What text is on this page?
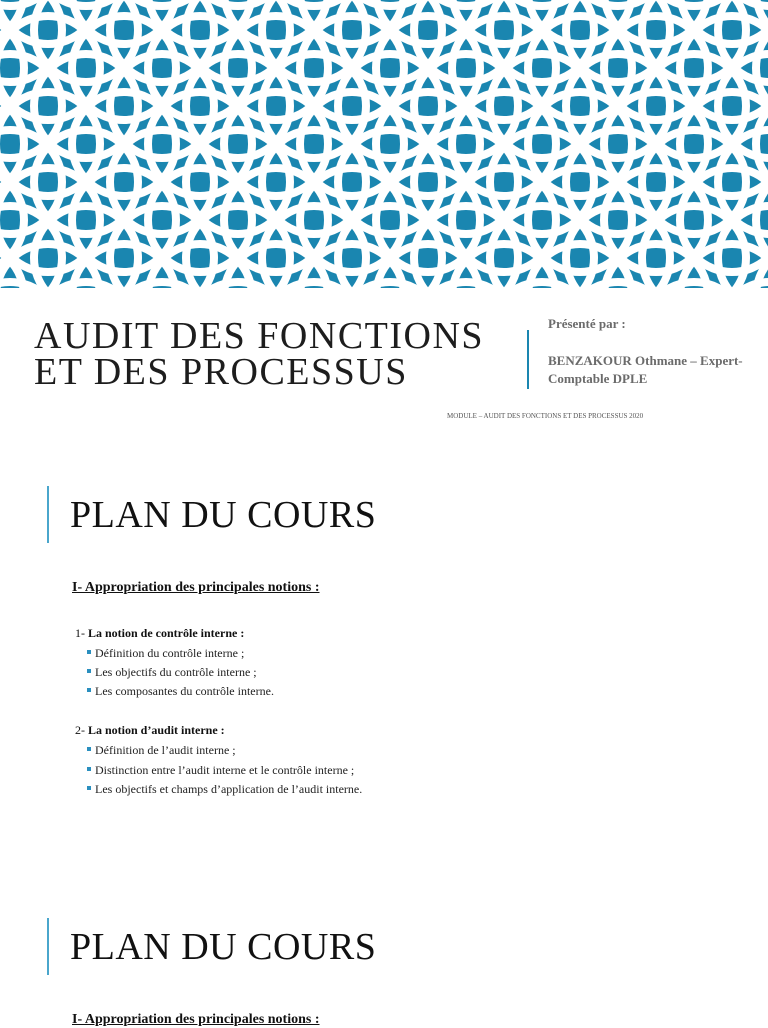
AUDIT DES FONCTIONS
ET DES PROCESSUS
Présenté par :
BENZAKOUR Othmane – Expert-Comptable DPLE
MODULE – AUDIT DES FONCTIONS ET DES PROCESSUS 2020
PLAN DU COURS
I- Appropriation des principales notions :
1- La notion de contrôle interne :
Définition du contrôle interne ;
Les objectifs du contrôle interne ;
Les composantes du contrôle interne.
2- La notion d’audit interne :
Définition de l’audit interne ;
Distinction entre l’audit interne et le contrôle interne ;
Les objectifs et champs d’application de l’audit interne.
PLAN DU COURS
I- Appropriation des principales notions :
